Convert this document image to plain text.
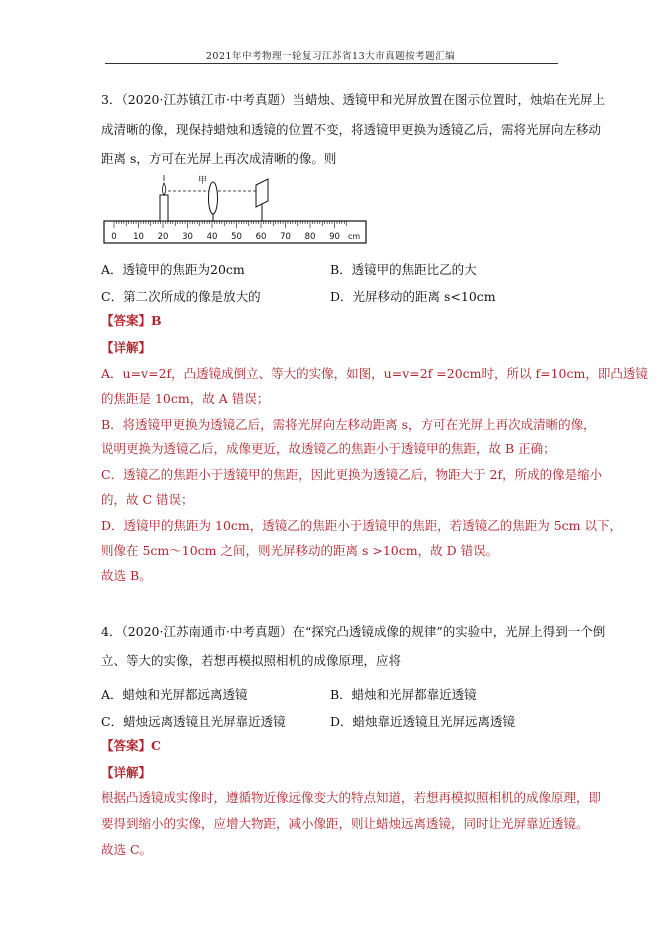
2021年中考物理一轮复习江苏省13大市真题按考题汇编
3．（2020·江苏镇江市·中考真题）当蜡烛、透镜甲和光屏放置在图示位置时，烛焰在光屏上
成清晰的像，现保持蜡烛和透镜的位置不变，将透镜甲更换为透镜乙后，需将光屏向左移动
距离 s，方可在光屏上再次成清晰的像。则
0 10 20 30 40 50 60 70 80 90 cm
甲
A．透镜甲的焦距为20cm	B．透镜甲的焦距比乙的大
C．第二次所成的像是放大的	D．光屏移动的距离 s<10cm
【答案】B
【详解】
A．u=v=2f，凸透镜成倒立、等大的实像，如图，u=v=2f =20cm时，所以 f=10cm，即凸透镜
的焦距是 10cm，故 A 错误；
B．将透镜甲更换为透镜乙后，需将光屏向左移动距离 s，方可在光屏上再次成清晰的像，
说明更换为透镜乙后，成像更近，故透镜乙的焦距小于透镜甲的焦距，故 B 正确；
C．透镜乙的焦距小于透镜甲的焦距，因此更换为透镜乙后，物距大于 2f，所成的像是缩小
的，故 C 错误；
D．透镜甲的焦距为 10cm，透镜乙的焦距小于透镜甲的焦距，若透镜乙的焦距为 5cm 以下，
则像在 5cm～10cm 之间，则光屏移动的距离 s >10cm，故 D 错误。
故选 B。
4．（2020·江苏南通市·中考真题）在“探究凸透镜成像的规律”的实验中，光屏上得到一个倒
立、等大的实像，若想再模拟照相机的成像原理，应将
A．蜡烛和光屏都远离透镜	B．蜡烛和光屏都靠近透镜
C．蜡烛远离透镜且光屏靠近透镜	D．蜡烛靠近透镜且光屏远离透镜
【答案】C
【详解】
根据凸透镜成实像时，遵循物近像远像变大的特点知道，若想再模拟照相机的成像原理，即
要得到缩小的实像，应增大物距，减小像距，则让蜡烛远离透镜，同时让光屏靠近透镜。
故选 C。
